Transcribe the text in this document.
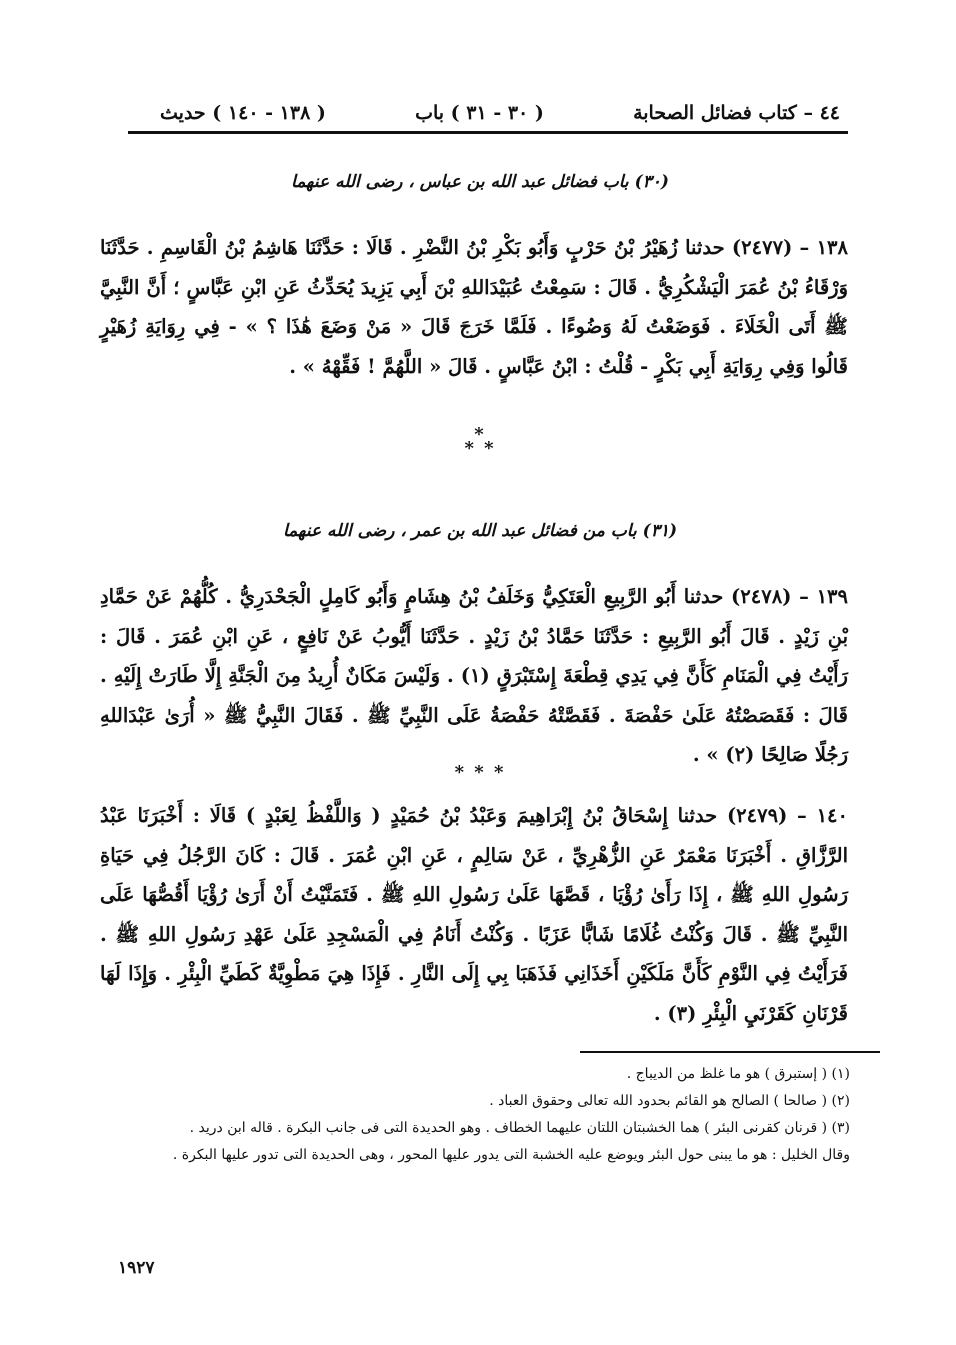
٤٤ – كتاب فضائل الصحابة
( ٣٠ - ٣١ ) باب
( ١٣٨ - ١٤٠ ) حديث
(٣٠) باب فضائل عبد الله بن عباس ، رضى الله عنهما
١٣٨ – (٢٤٧٧) حدثنا زُهَيْرُ بْنُ حَرْبٍ وَأَبُو بَكْرِ بْنُ النَّضْرِ . قَالَا : حَدَّثَنَا هَاشِمُ بْنُ الْقَاسِمِ . حَدَّثَنَا وَرْقَاءُ بْنُ عُمَرَ الْيَشْكُرِيُّ . قَالَ : سَمِعْتُ عُبَيْدَاللهِ بْنَ أَبِي يَزِيدَ يُحَدِّثُ عَنِ ابْنِ عَبَّاسٍ ؛ أَنَّ النَّبِيَّ ﷺ أَتَى الْخَلَاءَ . فَوَضَعْتُ لَهُ وَضُوءًا . فَلَمَّا خَرَجَ قَالَ « مَنْ وَضَعَ هَٰذَا ؟ » - فِي رِوَايَةِ زُهَيْرٍ قَالُوا وَفِي رِوَايَةِ أَبِي بَكْرٍ - قُلْتُ : ابْنُ عَبَّاسٍ . قَالَ « اللَّهُمَّ ! فَقِّهْهُ » .
*
* *
(٣١) باب من فضائل عبد الله بن عمر ، رضى الله عنهما
١٣٩ – (٢٤٧٨) حدثنا أَبُو الرَّبِيعِ الْعَتَكِيُّ وَخَلَفُ بْنُ هِشَامٍ وَأَبُو كَامِلٍ الْجَحْدَرِيُّ . كُلُّهُمْ عَنْ حَمَّادِ بْنِ زَيْدٍ . قَالَ أَبُو الرَّبِيعِ : حَدَّثَنَا حَمَّادُ بْنُ زَيْدٍ . حَدَّثَنَا أَيُّوبُ عَنْ نَافِعٍ ، عَنِ ابْنِ عُمَرَ . قَالَ : رَأَيْتُ فِي الْمَنَامِ كَأَنَّ فِي يَدِي قِطْعَةَ إِسْتَبْرَقٍ (١) . وَلَيْسَ مَكَانٌ أُرِيدُ مِنَ الْجَنَّةِ إِلَّا طَارَتْ إِلَيْهِ . قَالَ : فَقَصَصْتُهُ عَلَىٰ حَفْصَةَ . فَقَصَّتْهُ حَفْصَةُ عَلَى النَّبِيِّ ﷺ . فَقَالَ النَّبِيُّ ﷺ « أُرَىٰ عَبْدَاللهِ رَجُلًا صَالِحًا (٢) » .
* * *
١٤٠ – (٢٤٧٩) حدثنا إِسْحَاقُ بْنُ إِبْرَاهِيمَ وَعَبْدُ بْنُ حُمَيْدٍ ( وَاللَّفْظُ لِعَبْدٍ ) قَالَا : أَخْبَرَنَا عَبْدُ الرَّزَّاقِ . أَخْبَرَنَا مَعْمَرٌ عَنِ الزُّهْرِيِّ ، عَنْ سَالِمٍ ، عَنِ ابْنِ عُمَرَ . قَالَ : كَانَ الرَّجُلُ فِي حَيَاةِ رَسُولِ اللهِ ﷺ ، إِذَا رَأَىٰ رُؤْيَا ، قَصَّهَا عَلَىٰ رَسُولِ اللهِ ﷺ . فَتَمَنَّيْتُ أَنْ أَرَىٰ رُؤْيَا أَقُصُّهَا عَلَى النَّبِيِّ ﷺ . قَالَ وَكُنْتُ غُلَامًا شَابًّا عَزَبًا . وَكُنْتُ أَنَامُ فِي الْمَسْجِدِ عَلَىٰ عَهْدِ رَسُولِ اللهِ ﷺ . فَرَأَيْتُ فِي النَّوْمِ كَأَنَّ مَلَكَيْنِ أَخَذَانِي فَذَهَبَا بِي إِلَى النَّارِ . فَإِذَا هِيَ مَطْوِيَّةٌ كَطَيِّ الْبِئْرِ . وَإِذَا لَهَا قَرْنَانِ كَقَرْنَيِ الْبِئْرِ (٣) .

(١) ( إستبرق ) هو ما غلظ من الديباج .

(٢) ( صالحا ) الصالح هو القائم بحدود الله تعالى وحقوق العباد .

(٣) ( قرنان كقرنى البئر ) هما الخشبتان اللتان عليهما الخطاف . وهو الحديدة التى فى جانب البكرة . قاله ابن دريد .

وقال الخليل : هو ما يبنى حول البئر ويوضع عليه الخشبة التى يدور عليها المحور ، وهى الحديدة التى تدور عليها البكرة .

١٩٢٧
